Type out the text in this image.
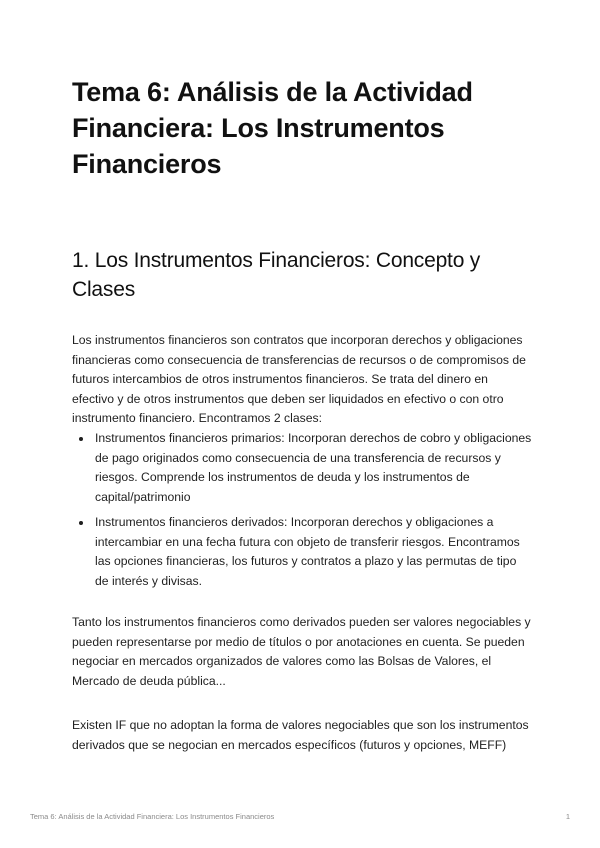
Tema 6: Análisis de la Actividad Financiera: Los Instrumentos Financieros
1. Los Instrumentos Financieros: Concepto y Clases

Los instrumentos financieros son contratos que incorporan derechos y obligaciones financieras como consecuencia de transferencias de recursos o de compromisos de futuros intercambios de otros instrumentos financieros. Se trata del dinero en efectivo y de otros instrumentos que deben ser liquidados en efectivo o con otro instrumento financiero. Encontramos 2 clases:

Instrumentos financieros primarios: Incorporan derechos de cobro y obligaciones de pago originados como consecuencia de una transferencia de recursos y riesgos. Comprende los instrumentos de deuda y los instrumentos de capital/patrimonio
Instrumentos financieros derivados: Incorporan derechos y obligaciones a intercambiar en una fecha futura con objeto de transferir riesgos. Encontramos las opciones financieras, los futuros y contratos a plazo y las permutas de tipo de interés y divisas.

Tanto los instrumentos financieros como derivados pueden ser valores negociables y pueden representarse por medio de títulos o por anotaciones en cuenta. Se pueden negociar en mercados organizados de valores como las Bolsas de Valores, el Mercado de deuda pública...

Existen IF que no adoptan la forma de valores negociables que son los instrumentos derivados que se negocian en mercados específicos (futuros y opciones, MEFF)

Tema 6: Análisis de la Actividad Financiera: Los Instrumentos Financieros	1
